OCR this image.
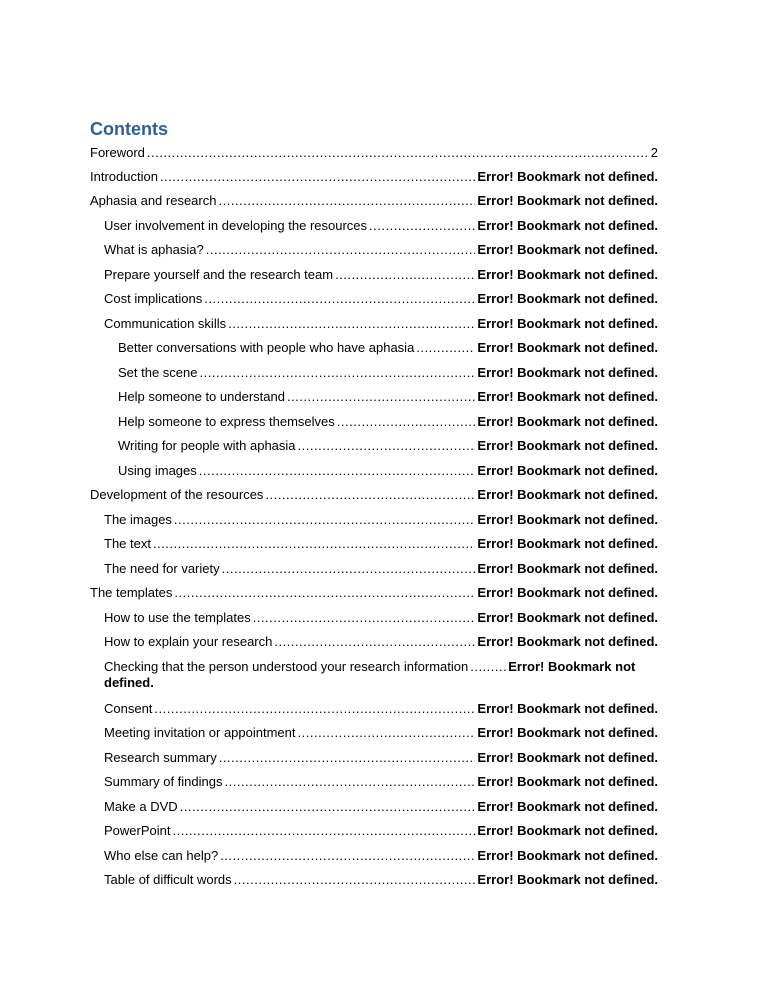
Contents
Foreword .....	2
Introduction .....	Error! Bookmark not defined.
Aphasia and research .....	Error! Bookmark not defined.
User involvement in developing the resources .....	Error! Bookmark not defined.
What is aphasia? .....	Error! Bookmark not defined.
Prepare yourself and the research team .....	Error! Bookmark not defined.
Cost implications .....	Error! Bookmark not defined.
Communication skills .....	Error! Bookmark not defined.
Better conversations with people who have aphasia .....	Error! Bookmark not defined.
Set the scene .....	Error! Bookmark not defined.
Help someone to understand .....	Error! Bookmark not defined.
Help someone to express themselves .....	Error! Bookmark not defined.
Writing for people with aphasia .....	Error! Bookmark not defined.
Using images .....	Error! Bookmark not defined.
Development of the resources .....	Error! Bookmark not defined.
The images .....	Error! Bookmark not defined.
The text .....	Error! Bookmark not defined.
The need for variety .....	Error! Bookmark not defined.
The templates .....	Error! Bookmark not defined.
How to use the templates .....	Error! Bookmark not defined.
How to explain your research .....	Error! Bookmark not defined.
Checking that the person understood your research information .....	Error! Bookmark not
defined.
Consent .....	Error! Bookmark not defined.
Meeting invitation or appointment .....	Error! Bookmark not defined.
Research summary .....	Error! Bookmark not defined.
Summary of findings .....	Error! Bookmark not defined.
Make a DVD .....	Error! Bookmark not defined.
PowerPoint .....	Error! Bookmark not defined.
Who else can help? .....	Error! Bookmark not defined.
Table of difficult words .....	Error! Bookmark not defined.
